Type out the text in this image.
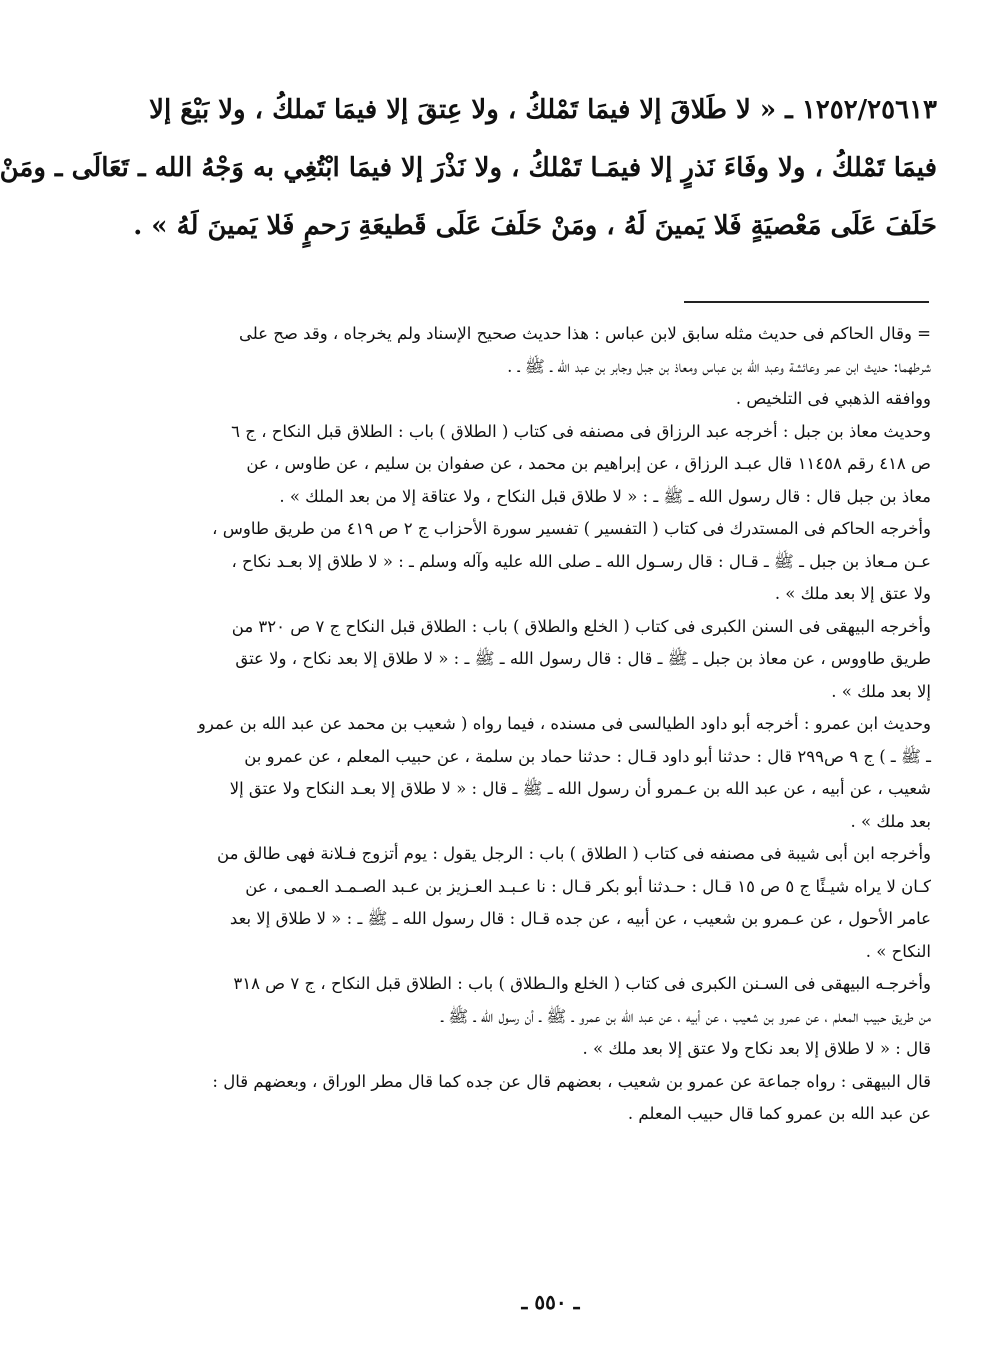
١٢٥٢/٢٥٦١٣ ـ « لا طَلاقَ إلا فيمَا تَمْلكُ ، ولا عِتقَ إلا فيمَا تَملكُ ، ولا بَيْعَ إلا
فيمَا تَمْلكُ ، ولا وفَاءَ نَذرٍ إلا فيمَـا تَمْلكُ ، ولا نَذْرَ إلا فيمَا ابْتُغِي به وَجْهُ الله ـ تَعَالَى ـ ومَنْ
حَلَفَ عَلَى مَعْصيَةٍ فَلا يَمينَ لَهُ ، ومَنْ حَلَفَ عَلَى قَطيعَةِ رَحمٍ فَلا يَمينَ لَهُ » .
= وقال الحاكم فى حديث مثله سابق لابن عباس : هذا حديث صحيح الإسناد ولم يخرجاه ، وقد صح على
شرطهما: حديث ابن عمر وعائشة وعبد الله بن عباس ومعاذ بن جبل وجابر بن عبد الله ـ ﷺ ـ .
ووافقه الذهبي فى التلخيص .
وحديث معاذ بن جبل : أخرجه عبد الرزاق فى مصنفه فى كتاب ( الطلاق ) باب : الطلاق قبل النكاح ، ج ٦
ص ٤١٨ رقم ١١٤٥٨ قال عبـد الرزاق ، عن إبراهيم بن محمد ، عن صفوان بن سليم ، عن طاوس ، عن
معاذ بن جبل قال : قال رسول الله ـ ﷺ ـ : « لا طلاق قبل النكاح ، ولا عتاقة إلا من بعد الملك » .
وأخرجه الحاكم فى المستدرك فى كتاب ( التفسير ) تفسير سورة الأحزاب ج ٢ ص ٤١٩ من طريق طاوس ،
عـن مـعاذ بن جبل ـ ﷺ ـ قـال : قال رسـول الله ـ صلى الله عليه وآله وسلم ـ : « لا طلاق إلا بعـد نكاح ،
ولا عتق إلا بعد ملك » .
وأخرجه البيهقى فى السنن الكبرى فى كتاب ( الخلع والطلاق ) باب : الطلاق قبل النكاح ج ٧ ص ٣٢٠ من
طريق طاووس ، عن معاذ بن جبل ـ ﷺ ـ قال : قال رسول الله ـ ﷺ ـ : « لا طلاق إلا بعد نكاح ، ولا عتق
إلا بعد ملك » .
وحديث ابن عمرو : أخرجه أبو داود الطيالسى فى مسنده ، فيما رواه ( شعيب بن محمد عن عبد الله بن عمرو
ـ ﷺ ـ ) ج ٩ ص٢٩٩ قال : حدثنا أبو داود قـال : حدثنا حماد بن سلمة ، عن حبيب المعلم ، عن عمرو بن
شعيب ، عن أبيه ، عن عبد الله بن عـمرو أن رسول الله ـ ﷺ ـ قال : « لا طلاق إلا بعـد النكاح ولا عتق إلا
بعد ملك » .
وأخرجه ابن أبى شيبة فى مصنفه فى كتاب ( الطلاق ) باب : الرجل يقول : يوم أتزوج فـلانة فهى طالق من
كـان لا يراه شيـئًا ج ٥ ص ١٥ قـال : حـدثنا أبو بكر قـال : نا عـبـد العـزيز بن عـبد الصـمـد العـمى ، عن
عامر الأحول ، عن عـمرو بن شعيب ، عن أبيه ، عن جده قـال : قال رسول الله ـ ﷺ ـ : « لا طلاق إلا بعد
النكاح » .
وأخرجـه البيهقى فى السـنن الكبرى فى كتاب ( الخلع والـطلاق ) باب : الطلاق قبل النكاح ، ج ٧ ص ٣١٨
من طريق حبيب المعلم ، عن عمرو بن شعيب ، عن أبيه ، عن عبد الله بن عمرو ـ ﷺ ـ أن رسول الله ـ ﷺ ـ
قال : « لا طلاق إلا بعد نكاح ولا عتق إلا بعد ملك » .
قال البيهقى : رواه جماعة عن عمرو بن شعيب ، بعضهم قال عن جده كما قال مطر الوراق ، وبعضهم قال :
عن عبد الله بن عمرو كما قال حبيب المعلم .
ـ ٥٥٠ ـ
